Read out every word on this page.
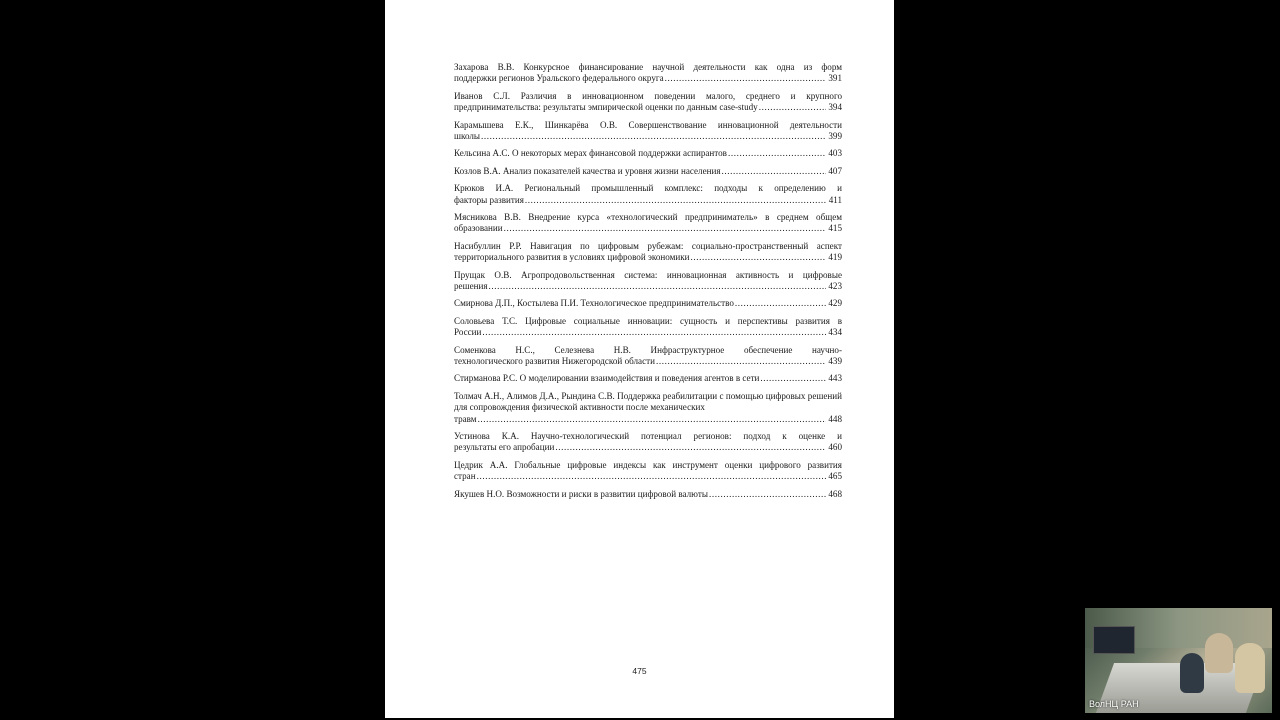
Захарова В.В. Конкурсное финансирование научной деятельности как одна из форм
поддержки регионов Уральского федерального округа .....	391
Иванов С.Л. Различия в инновационном поведении малого, среднего и крупного
предпринимательства: результаты эмпирической оценки по данным case-study .....	394
Карамышева Е.К., Шинкарёва О.В. Совершенствование инновационной деятельности
школы .....	399
Кельсина А.С. О некоторых мерах финансовой поддержки аспирантов .....	403
Козлов В.А. Анализ показателей качества и уровня жизни населения .....	407
Крюков И.А. Региональный промышленный комплекс: подходы к определению и
факторы развития .....	411
Мясникова В.В. Внедрение курса «технологический предприниматель» в среднем общем
образовании .....	415
Насибуллин Р.Р. Навигация по цифровым рубежам: социально-пространственный аспект
территориального развития в условиях цифровой экономики .....	419
Прущак О.В. Агропродовольственная система: инновационная активность и цифровые
решения .....	423
Смирнова Д.П., Костылева П.И. Технологическое предпринимательство .....	429
Соловьева Т.С. Цифровые социальные инновации: сущность и перспективы развития в
России .....	434
Соменкова Н.С., Селезнева Н.В. Инфраструктурное обеспечение научно-
технологического развития Нижегородской области .....	439
Стирманова Р.С. О моделировании взаимодействия и поведения агентов в сети .....	443
Толмач А.Н., Алимов Д.А., Рындина С.В. Поддержка реабилитации с помощью цифровых решений для сопровождения физической активности после механических
травм .....	448
Устинова К.А. Научно-технологический потенциал регионов: подход к оценке и
результаты его апробации .....	460
Цедрик А.А. Глобальные цифровые индексы как инструмент оценки цифрового развития
стран .....	465
Якушев Н.О. Возможности и риски в развитии цифровой валюты .....	468
475
ВолНЦ РАН
